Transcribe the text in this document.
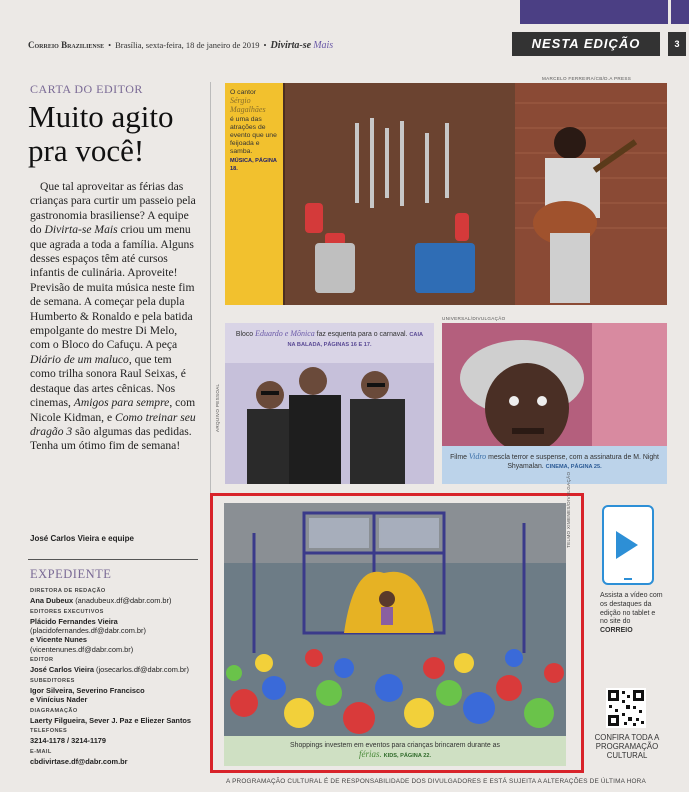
Correio Braziliense • Brasília, sexta-feira, 18 de janeiro de 2019 • Divirta-se
Mais	NESTA EDIÇÃO	3
CARTA DO EDITOR
Muito agito pra você!

Que tal aproveitar as férias das crianças para curtir um passeio pela gastronomia brasiliense? A equipe do Divirta-se Mais criou um menu que agrada a toda a família. Alguns desses espaços têm até cursos infantis de culinária. Aproveite! Previsão de muita música neste fim de semana. A começar pela dupla Humberto & Ronaldo e pela batida empolgante do mestre Di Melo, com o Bloco do Cafuçu. A peça Diário de um maluco, que tem como trilha sonora Raul Seixas, é destaque das artes cênicas. Nos cinemas, Amigos para sempre, com Nicole Kidman, e Como treinar seu dragão 3 são algumas das pedidas. Tenha um ótimo fim de semana!

José Carlos Vieira e equipe
EXPEDIENTE
DIRETORA DE REDAÇÃO
Ana Dubeux (anadubeux.df@dabr.com.br)
EDITORES EXECUTIVOS
Plácido Fernandes Vieira
(placidofernandes.df@dabr.com.br)
e Vicente Nunes
(vicentenunes.df@dabr.com.br)
EDITOR
José Carlos Vieira (josecarlos.df@dabr.com.br)
SUBEDITORES
Igor Silveira, Severino Francisco
e Vinícius Nader
DIAGRAMAÇÃO
Laerty Filgueira, Sever J. Paz e Eliezer Santos
TELEFONES
3214-1178 / 3214-1179
E-MAIL
cbdivirtase.df@dabr.com.br
MARCELO FERREIRA/CB/D.A PRESS
O cantor
Sérgio Magalhães
é uma das atrações de evento que une feijoada e samba.
MÚSICA, PÁGINA 18.
Bloco Eduardo e Mônica faz esquenta para o carnaval. CAIA NA BALADA, PÁGINAS 16 E 17.
ARQUIVO PESSOAL
UNIVERSAL/DIVULGAÇÃO
Filme Vidro mescla terror e suspense, com a assinatura de M. Night Shyamalan. CINEMA, PÁGINA 25.
TELMO XIMENES/DIVULGAÇÃO
Shoppings investem em eventos para crianças brincarem durante as
férias. KIDS, PÁGINA 22.
Assista a vídeo com os destaques da edição no tablet e no site do CORREIO
CONFIRA TODA A PROGRAMAÇÃO CULTURAL
A PROGRAMAÇÃO CULTURAL É DE RESPONSABILIDADE DOS DIVULGADORES E ESTÁ SUJEITA A ALTERAÇÕES DE ÚLTIMA HORA
